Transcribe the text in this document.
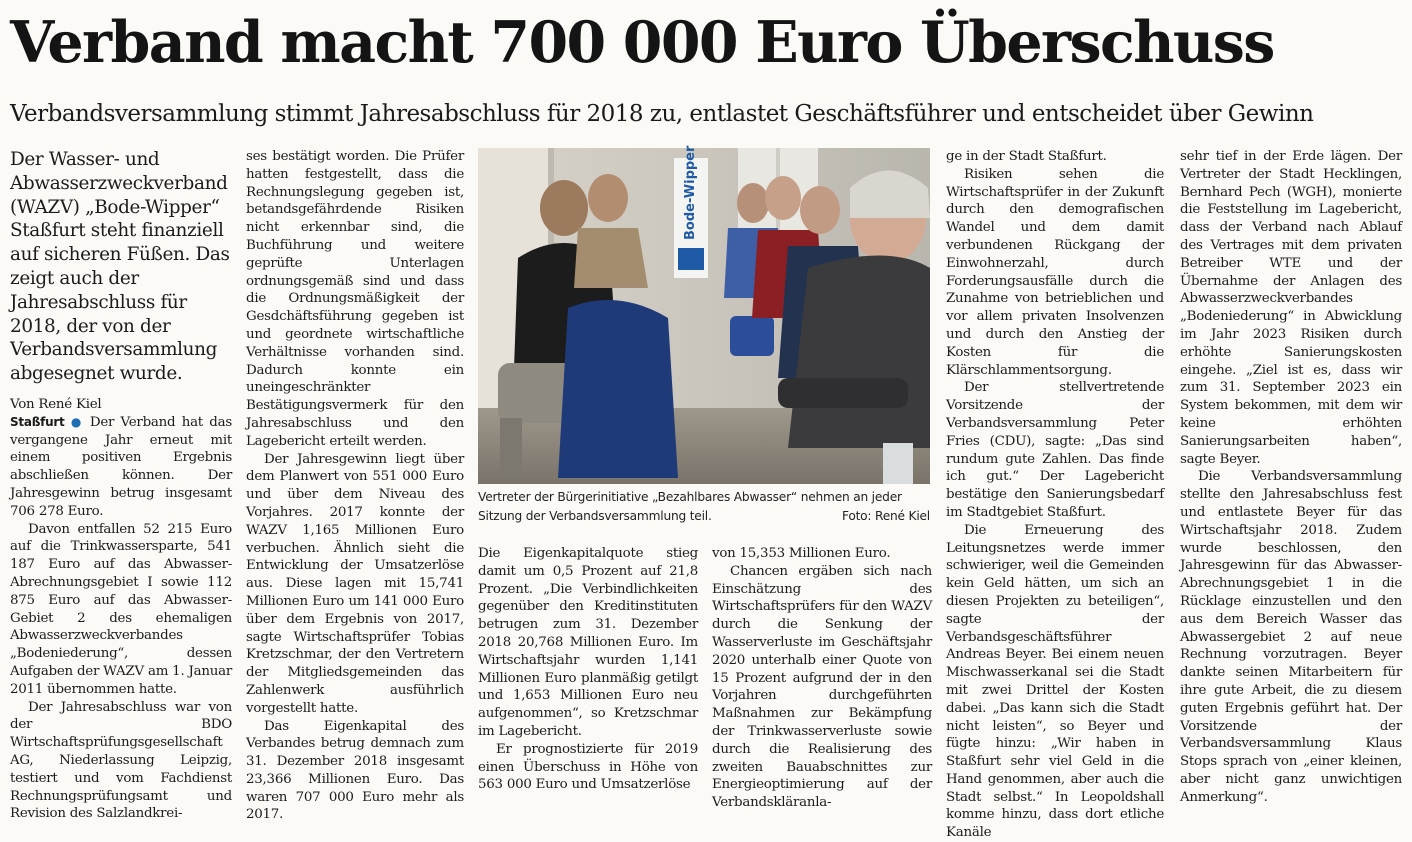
Verband macht 700 000 Euro Überschuss
Verbandsversammlung stimmt Jahresabschluss für 2018 zu, entlastet Geschäftsführer und entscheidet über Gewinn

Der Wasser- und Abwasserzweckverband (WAZV) „Bode-Wipper“ Staßfurt steht finanziell auf sicheren Füßen. Das zeigt auch der Jahresabschluss für 2018, der von der Verbandsversammlung abgesegnet wurde.

Von René Kiel

Staßfurt ● Der Verband hat das vergangene Jahr erneut mit einem positiven Ergebnis abschließen können. Der Jahresgewinn betrug insgesamt 706 278 Euro.

Davon entfallen 52 215 Euro auf die Trinkwassersparte, 541 187 Euro auf das Abwasser-Abrechnungsgebiet I sowie 112 875 Euro auf das Abwasser-Gebiet 2 des ehemaligen Abwasserzweckverbandes „Bodeniederung“, dessen Aufgaben der WAZV am 1. Januar 2011 übernommen hatte.

Der Jahresabschluss war von der BDO Wirtschaftsprüfungsgesellschaft AG, Niederlassung Leipzig, testiert und vom Fachdienst Rechnungsprüfungsamt und Revision des Salzlandkrei-

ses bestätigt worden. Die Prüfer hatten festgestellt, dass die Rechnungslegung gegeben ist, betandsgefährdende Risiken nicht erkennbar sind, die Buchführung und weitere geprüfte Unterlagen ordnungsgemäß sind und dass die Ordnungsmäßigkeit der Gesdchäftsführung gegeben ist und geordnete wirtschaftliche Verhältnisse vorhanden sind. Dadurch konnte ein uneingeschränkter Bestätigungsvermerk für den Jahresabschluss und den Lagebericht erteilt werden.

Der Jahresgewinn liegt über dem Planwert von 551 000 Euro und über dem Niveau des Vorjahres. 2017 konnte der WAZV 1,165 Millionen Euro verbuchen. Ähnlich sieht die Entwicklung der Umsatzerlöse aus. Diese lagen mit 15,741 Millionen Euro um 141 000 Euro über dem Ergebnis von 2017, sagte Wirtschaftsprüfer Tobias Kretzschmar, der den Vertretern der Mitgliedsgemeinden das Zahlenwerk ausführlich vorgestellt hatte.

Das Eigenkapital des Verbandes betrug demnach zum 31. Dezember 2018 insgesamt 23,366 Millionen Euro. Das waren 707 000 Euro mehr als 2017.

Bode-Wipper
Vertreter der Bürgerinitiative „Bezahlbares Abwasser“ nehmen an jeder Sitzung der Verbandsversammlung teil.	Foto: René Kiel

Die Eigenkapitalquote stieg damit um 0,5 Prozent auf 21,8 Prozent. „Die Verbindlichkeiten gegenüber den Kreditinstituten betrugen zum 31. Dezember 2018 20,768 Millionen Euro. Im Wirtschaftsjahr wurden 1,141 Millionen Euro planmäßig getilgt und 1,653 Millionen Euro neu aufgenommen“, so Kretzschmar im Lagebericht.

Er prognostizierte für 2019 einen Überschuss in Höhe von 563 000 Euro und Umsatzerlöse

von 15,353 Millionen Euro.

Chancen ergäben sich nach Einschätzung des Wirtschaftsprüfers für den WAZV durch die Senkung der Wasserverluste im Geschäftsjahr 2020 unterhalb einer Quote von 15 Prozent aufgrund der in den Vorjahren durchgeführten Maßnahmen zur Bekämpfung der Trinkwasserverluste sowie durch die Realisierung des zweiten Bauabschnittes zur Energieoptimierung auf der Verbandskläranla-

ge in der Stadt Staßfurt.

Risiken sehen die Wirtschaftsprüfer in der Zukunft durch den demografischen Wandel und dem damit verbundenen Rückgang der Einwohnerzahl, durch Forderungsausfälle durch die Zunahme von betrieblichen und vor allem privaten Insolvenzen und durch den Anstieg der Kosten für die Klärschlammentsorgung.

Der stellvertretende Vorsitzende der Verbandsversammlung Peter Fries (CDU), sagte: „Das sind rundum gute Zahlen. Das finde ich gut.“ Der Lagebericht bestätige den Sanierungsbedarf im Stadtgebiet Staßfurt.

Die Erneuerung des Leitungsnetzes werde immer schwieriger, weil die Gemeinden kein Geld hätten, um sich an diesen Projekten zu beteiligen“, sagte der Verbandsgeschäftsführer Andreas Beyer. Bei einem neuen Mischwasserkanal sei die Stadt mit zwei Drittel der Kosten dabei. „Das kann sich die Stadt nicht leisten“, so Beyer und fügte hinzu: „Wir haben in Staßfurt sehr viel Geld in die Hand genommen, aber auch die Stadt selbst.“ In Leopoldshall komme hinzu, dass dort etliche Kanäle

sehr tief in der Erde lägen. Der Vertreter der Stadt Hecklingen, Bernhard Pech (WGH), monierte die Feststellung im Lagebericht, dass der Verband nach Ablauf des Vertrages mit dem privaten Betreiber WTE und der Übernahme der Anlagen des Abwasserzweckverbandes „Bodeniederung“ in Abwicklung im Jahr 2023 Risiken durch erhöhte Sanierungskosten eingehe. „Ziel ist es, dass wir zum 31. September 2023 ein System bekommen, mit dem wir keine erhöhten Sanierungsarbeiten haben“, sagte Beyer.

Die Verbandsversammlung stellte den Jahresabschluss fest und entlastete Beyer für das Wirtschaftsjahr 2018. Zudem wurde beschlossen, den Jahresgewinn für das Abwasser-Abrechnungsgebiet 1 in die Rücklage einzustellen und den aus dem Bereich Wasser das Abwassergebiet 2 auf neue Rechnung vorzutragen. Beyer dankte seinen Mitarbeitern für ihre gute Arbeit, die zu diesem guten Ergebnis geführt hat. Der Vorsitzende der Verbandsversammlung Klaus Stops sprach von „einer kleinen, aber nicht ganz unwichtigen Anmerkung“.
